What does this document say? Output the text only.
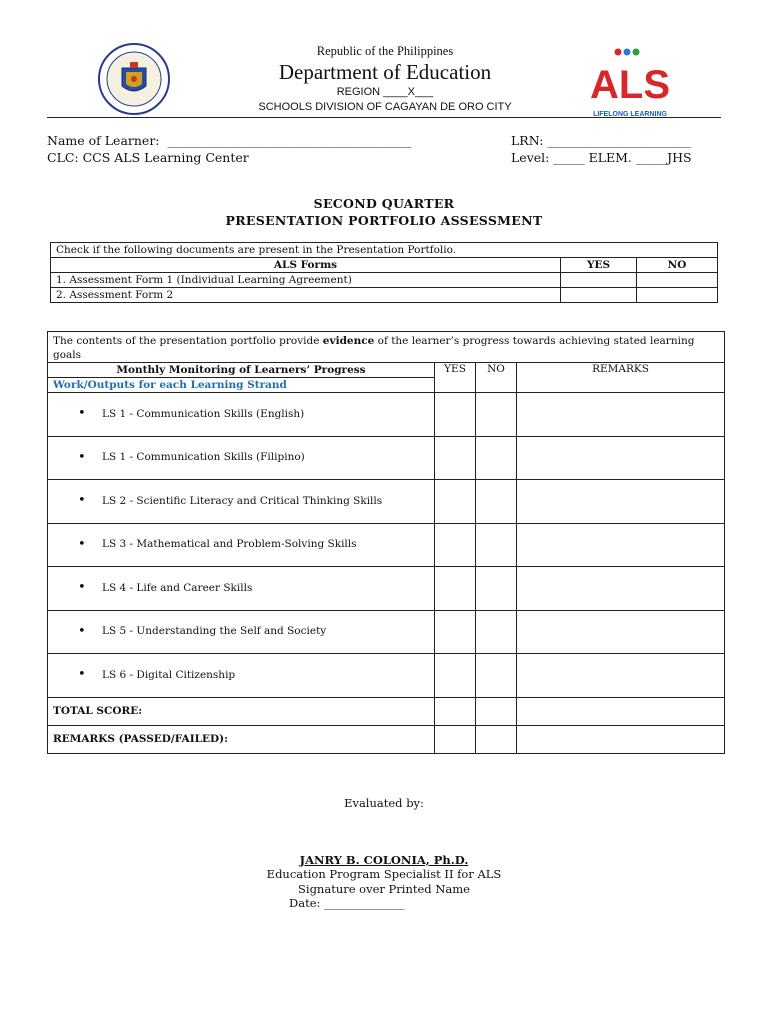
Republic of the Philippines
Department of Education
REGION ____X___
SCHOOLS DIVISION OF CAGAYAN DE ORO CITY	ALS
LIFELONG LEARNING
Name of Learner:  _______________________________________
CLC: CCS ALS Learning Center
LRN: _______________________
Level: _____ ELEM. _____JHS
SECOND QUARTER
PRESENTATION PORTFOLIO ASSESSMENT
Check if the following documents are present in the Presentation Portfolio.		
ALS Forms	YES	NO
1. Assessment Form 1 (Individual Learning Agreement)		
2. Assessment Form 2		
The contents of the presentation portfolio provide evidence of the learner’s progress towards achieving stated learning goals			
Monthly Monitoring of Learners’ Progress	YES	NO	REMARKS
Work/Outputs for each Learning Strand			

• LS 1 - Communication Skills (English)			

• LS 1 - Communication Skills (Filipino)			

• LS 2 - Scientific Literacy and Critical Thinking Skills			

• LS 3 - Mathematical and Problem-Solving Skills			

• LS 4 - Life and Career Skills			

• LS 5 - Understanding the Self and Society			

• LS 6 - Digital Citizenship			

TOTAL SCORE:			
REMARKS (PASSED/FAILED):			
Evaluated by:
JANRY B. COLONIA, Ph.D.
Education Program Specialist II for ALS
Signature over Printed Name
Date: ______________
